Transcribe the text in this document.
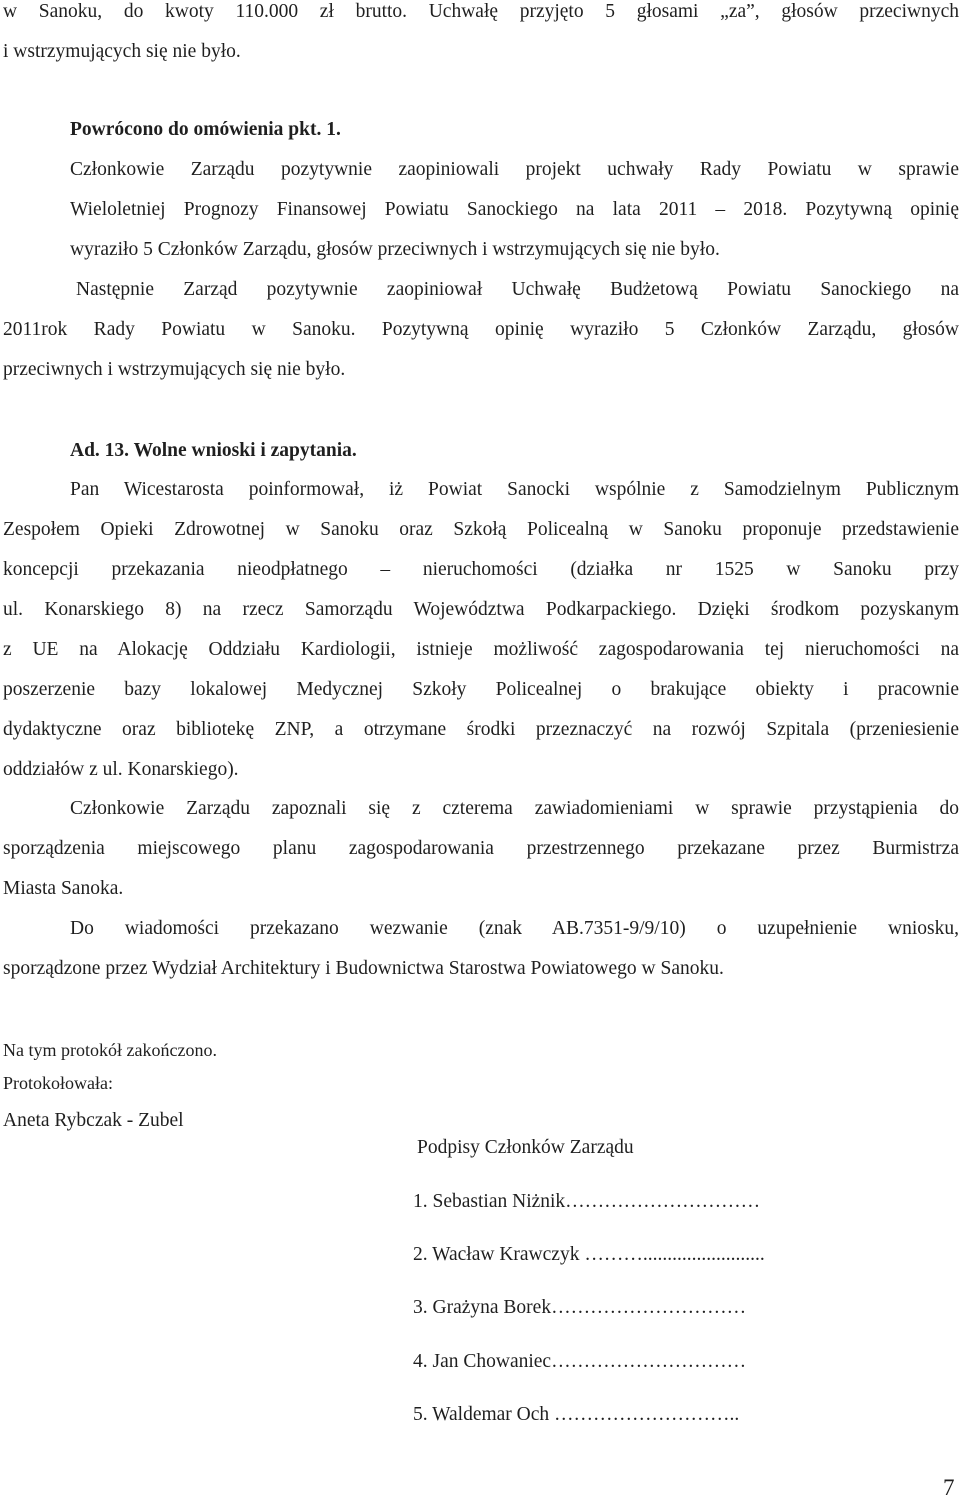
w Sanoku, do kwoty 110.000 zł brutto. Uchwałę przyjęto 5 głosami „za”, głosów przeciwnych
i wstrzymujących się nie było.

Powrócono do omówienia pkt. 1.

Członkowie Zarządu pozytywnie zaopiniowali projekt uchwały Rady Powiatu w sprawie
Wieloletniej Prognozy Finansowej Powiatu Sanockiego na lata 2011 – 2018. Pozytywną opinię
wyraziło 5 Członków Zarządu, głosów przeciwnych i wstrzymujących się nie było.

Następnie Zarząd pozytywnie zaopiniował Uchwałę Budżetową Powiatu Sanockiego na
2011rok Rady Powiatu w Sanoku. Pozytywną opinię wyraziło 5 Członków Zarządu, głosów
przeciwnych i wstrzymujących się nie było.

Ad. 13. Wolne wnioski i zapytania.

Pan Wicestarosta poinformował, iż Powiat Sanocki wspólnie z Samodzielnym Publicznym
Zespołem Opieki Zdrowotnej w Sanoku oraz Szkołą Policealną w Sanoku proponuje przedstawienie
koncepcji przekazania nieodpłatnego – nieruchomości (działka nr 1525 w Sanoku przy
ul. Konarskiego 8) na rzecz Samorządu Województwa Podkarpackiego. Dzięki środkom pozyskanym
z UE na Alokację Oddziału Kardiologii, istnieje możliwość zagospodarowania tej nieruchomości na
poszerzenie bazy lokalowej Medycznej Szkoły Policealnej o brakujące obiekty i pracownie
dydaktyczne oraz bibliotekę ZNP, a otrzymane środki przeznaczyć na rozwój Szpitala (przeniesienie
oddziałów z ul. Konarskiego).

Członkowie Zarządu zapoznali się z czterema zawiadomieniami w sprawie przystąpienia do
sporządzenia miejscowego planu zagospodarowania przestrzennego przekazane przez Burmistrza
Miasta Sanoka.

Do wiadomości przekazano wezwanie (znak AB.7351-9/9/10) o uzupełnienie wniosku,
sporządzone przez Wydział Architektury i Budownictwa Starostwa Powiatowego w Sanoku.

Na tym protokół zakończono.

Protokołowała:

Aneta Rybczak - Zubel

Podpisy Członków Zarządu

1. Sebastian Niżnik…………………………
2. Wacław Krawczyk ……….........................
3. Grażyna Borek…………………………
4. Jan Chowaniec…………………………
5. Waldemar Och ………………………..
7
